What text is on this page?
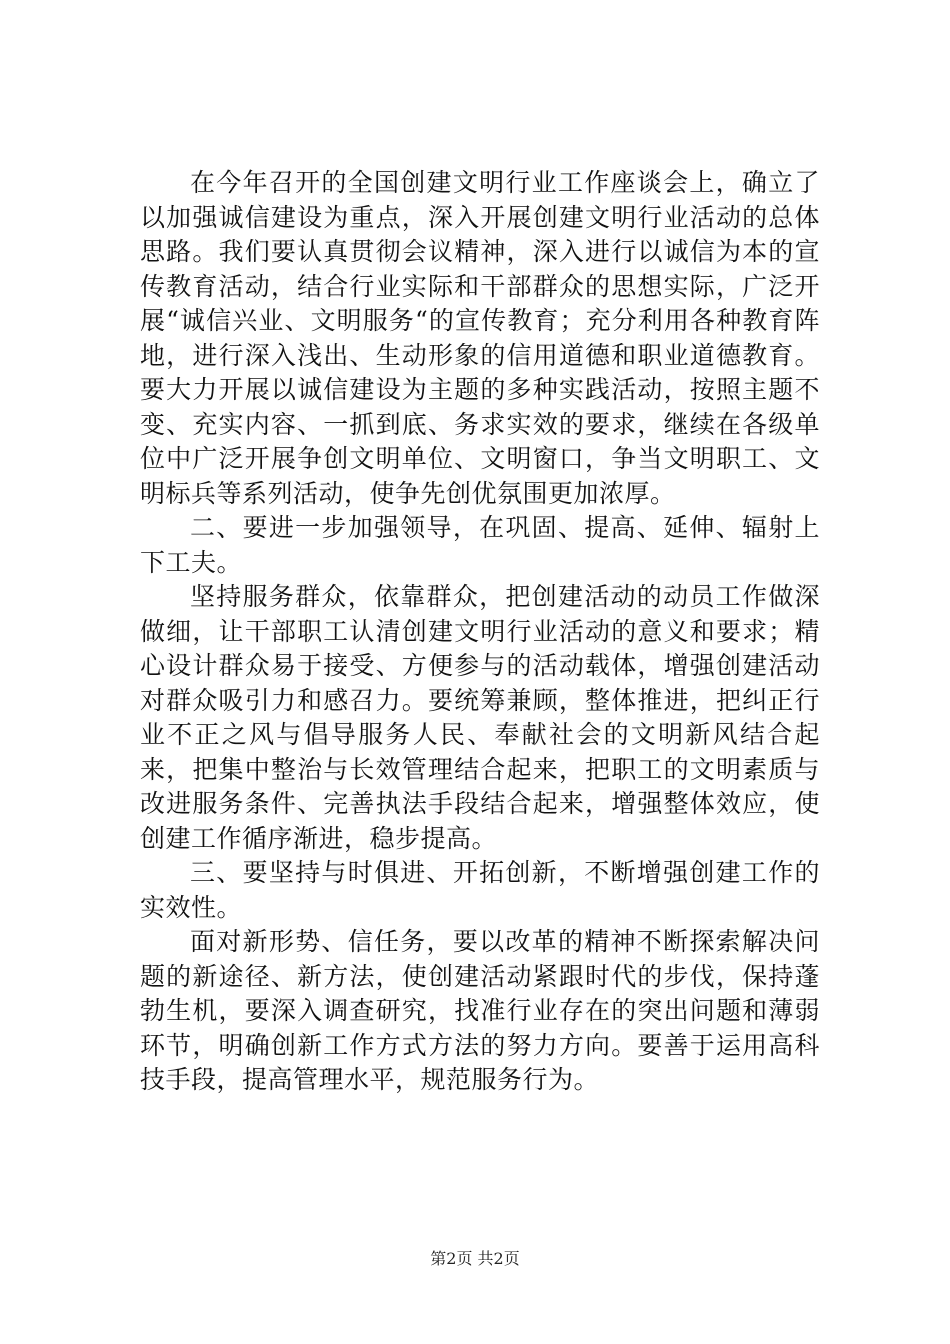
在今年召开的全国创建文明行业工作座谈会上，确立了以加强诚信建设为重点，深入开展创建文明行业活动的总体思路。我们要认真贯彻会议精神，深入进行以诚信为本的宣传教育活动，结合行业实际和干部群众的思想实际，广泛开展“诚信兴业、文明服务“的宣传教育；充分利用各种教育阵地，进行深入浅出、生动形象的信用道德和职业道德教育。要大力开展以诚信建设为主题的多种实践活动，按照主题不变、充实内容、一抓到底、务求实效的要求，继续在各级单位中广泛开展争创文明单位、文明窗口，争当文明职工、文明标兵等系列活动，使争先创优氛围更加浓厚。

二、要进一步加强领导，在巩固、提高、延伸、辐射上下工夫。

坚持服务群众，依靠群众，把创建活动的动员工作做深做细，让干部职工认清创建文明行业活动的意义和要求；精心设计群众易于接受、方便参与的活动载体，增强创建活动对群众吸引力和感召力。要统筹兼顾，整体推进，把纠正行业不正之风与倡导服务人民、奉献社会的文明新风结合起来，把集中整治与长效管理结合起来，把职工的文明素质与改进服务条件、完善执法手段结合起来，增强整体效应，使创建工作循序渐进，稳步提高。

三、要坚持与时俱进、开拓创新，不断增强创建工作的实效性。

面对新形势、信任务，要以改革的精神不断探索解决问题的新途径、新方法，使创建活动紧跟时代的步伐，保持蓬勃生机，要深入调查研究，找准行业存在的突出问题和薄弱环节，明确创新工作方式方法的努力方向。要善于运用高科技手段，提高管理水平，规范服务行为。

第2页 共2页
